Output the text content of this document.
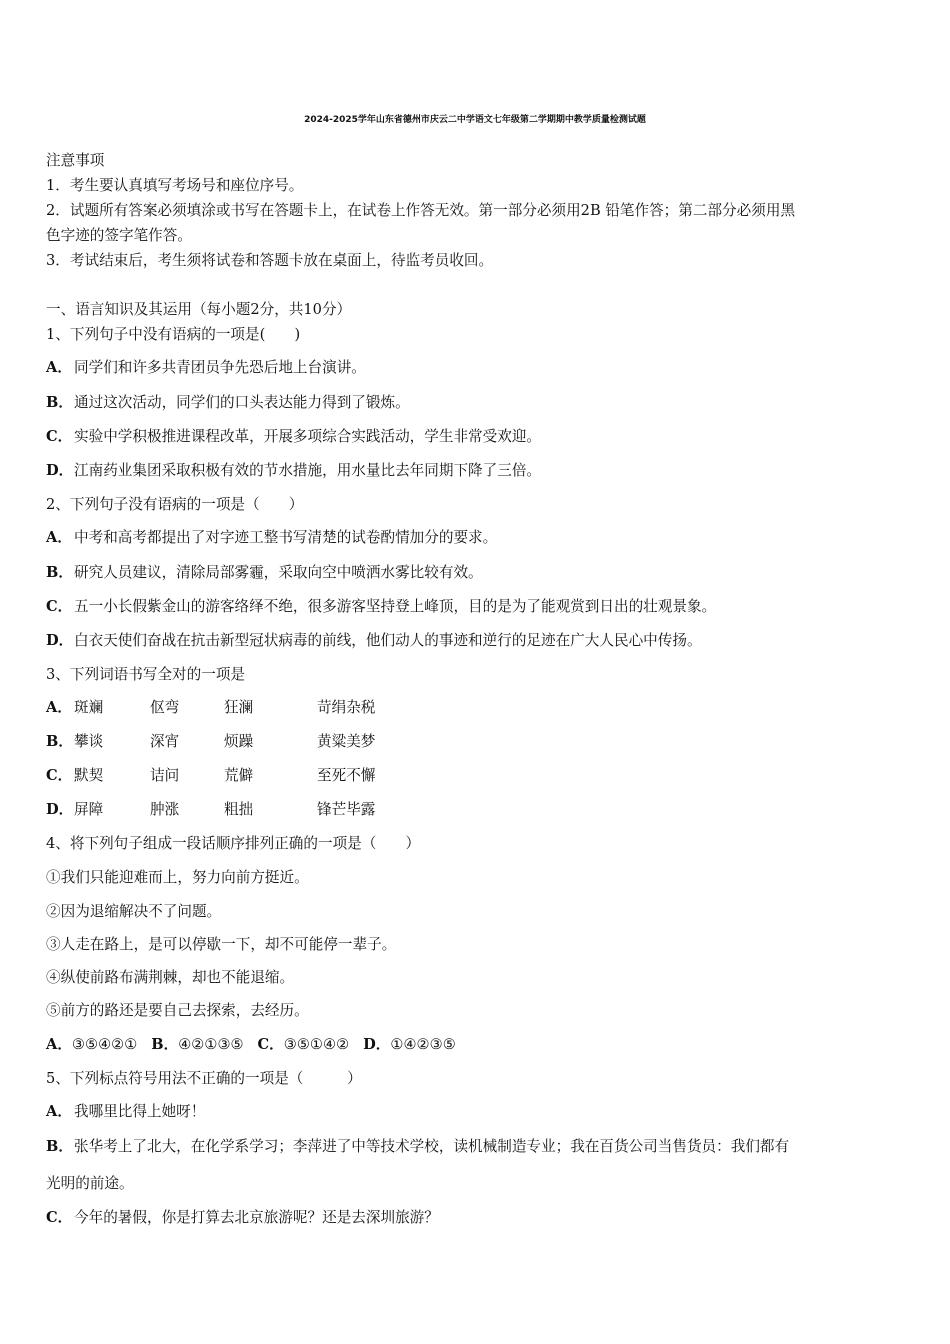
2024-2025学年山东省德州市庆云二中学语文七年级第二学期期中教学质量检测试题
注意事项
1．考生要认真填写考场号和座位序号。
2．试题所有答案必须填涂或书写在答题卡上，在试卷上作答无效。第一部分必须用2B 铅笔作答；第二部分必须用黑
色字迹的签字笔作答。
3．考试结束后，考生须将试卷和答题卡放在桌面上，待监考员收回。
一、语言知识及其运用（每小题2分，共10分）
1、下列句子中没有语病的一项是(　　)
A． 同学们和许多共青团员争先恐后地上台演讲。
B．通过这次活动，同学们的口头表达能力得到了锻炼。
C． 实验中学积极推进课程改革，开展多项综合实践活动，学生非常受欢迎。
D．江南药业集团采取积极有效的节水措施，用水量比去年同期下降了三倍。
2、下列句子没有语病的一项是（　　）
A． 中考和高考都提出了对字迹工整书写清楚的试卷酌情加分的要求。
B．研究人员建议，清除局部雾霾，采取向空中喷洒水雾比较有效。
C． 五一小长假紫金山的游客络绎不绝，很多游客坚持登上峰顶，目的是为了能观赏到日出的壮观景象。
D．白衣天使们奋战在抗击新型冠状病毒的前线，他们动人的事迹和逆行的足迹在广大人民心中传扬。
3、下列词语书写全对的一项是
A． 斑斓	伛弯	狂澜	苛绢杂税
B． 攀谈	深宵	烦躁	黄粱美梦
C． 默契	诘问	荒僻	至死不懈
D． 屏障	肿涨	粗拙	锋芒毕露
4、将下列句子组成一段话顺序排列正确的一项是（　　）
①我们只能迎难而上，努力向前方挺近。
②因为退缩解决不了问题。
③人走在路上，是可以停歇一下，却不可能停一辈子。
④纵使前路布满荆棘，却也不能退缩。
⑤前方的路还是要自己去探索，去经历。
A．③⑤④②① B．④②①③⑤ C．③⑤①④② D．①④②③⑤
5、下列标点符号用法不正确的一项是（　　　）
A． 我哪里比得上她呀！
B．张华考上了北大，在化学系学习；李萍进了中等技术学校，读机械制造专业；我在百货公司当售货员：我们都有
光明的前途。
C． 今年的暑假，你是打算去北京旅游呢？还是去深圳旅游？
